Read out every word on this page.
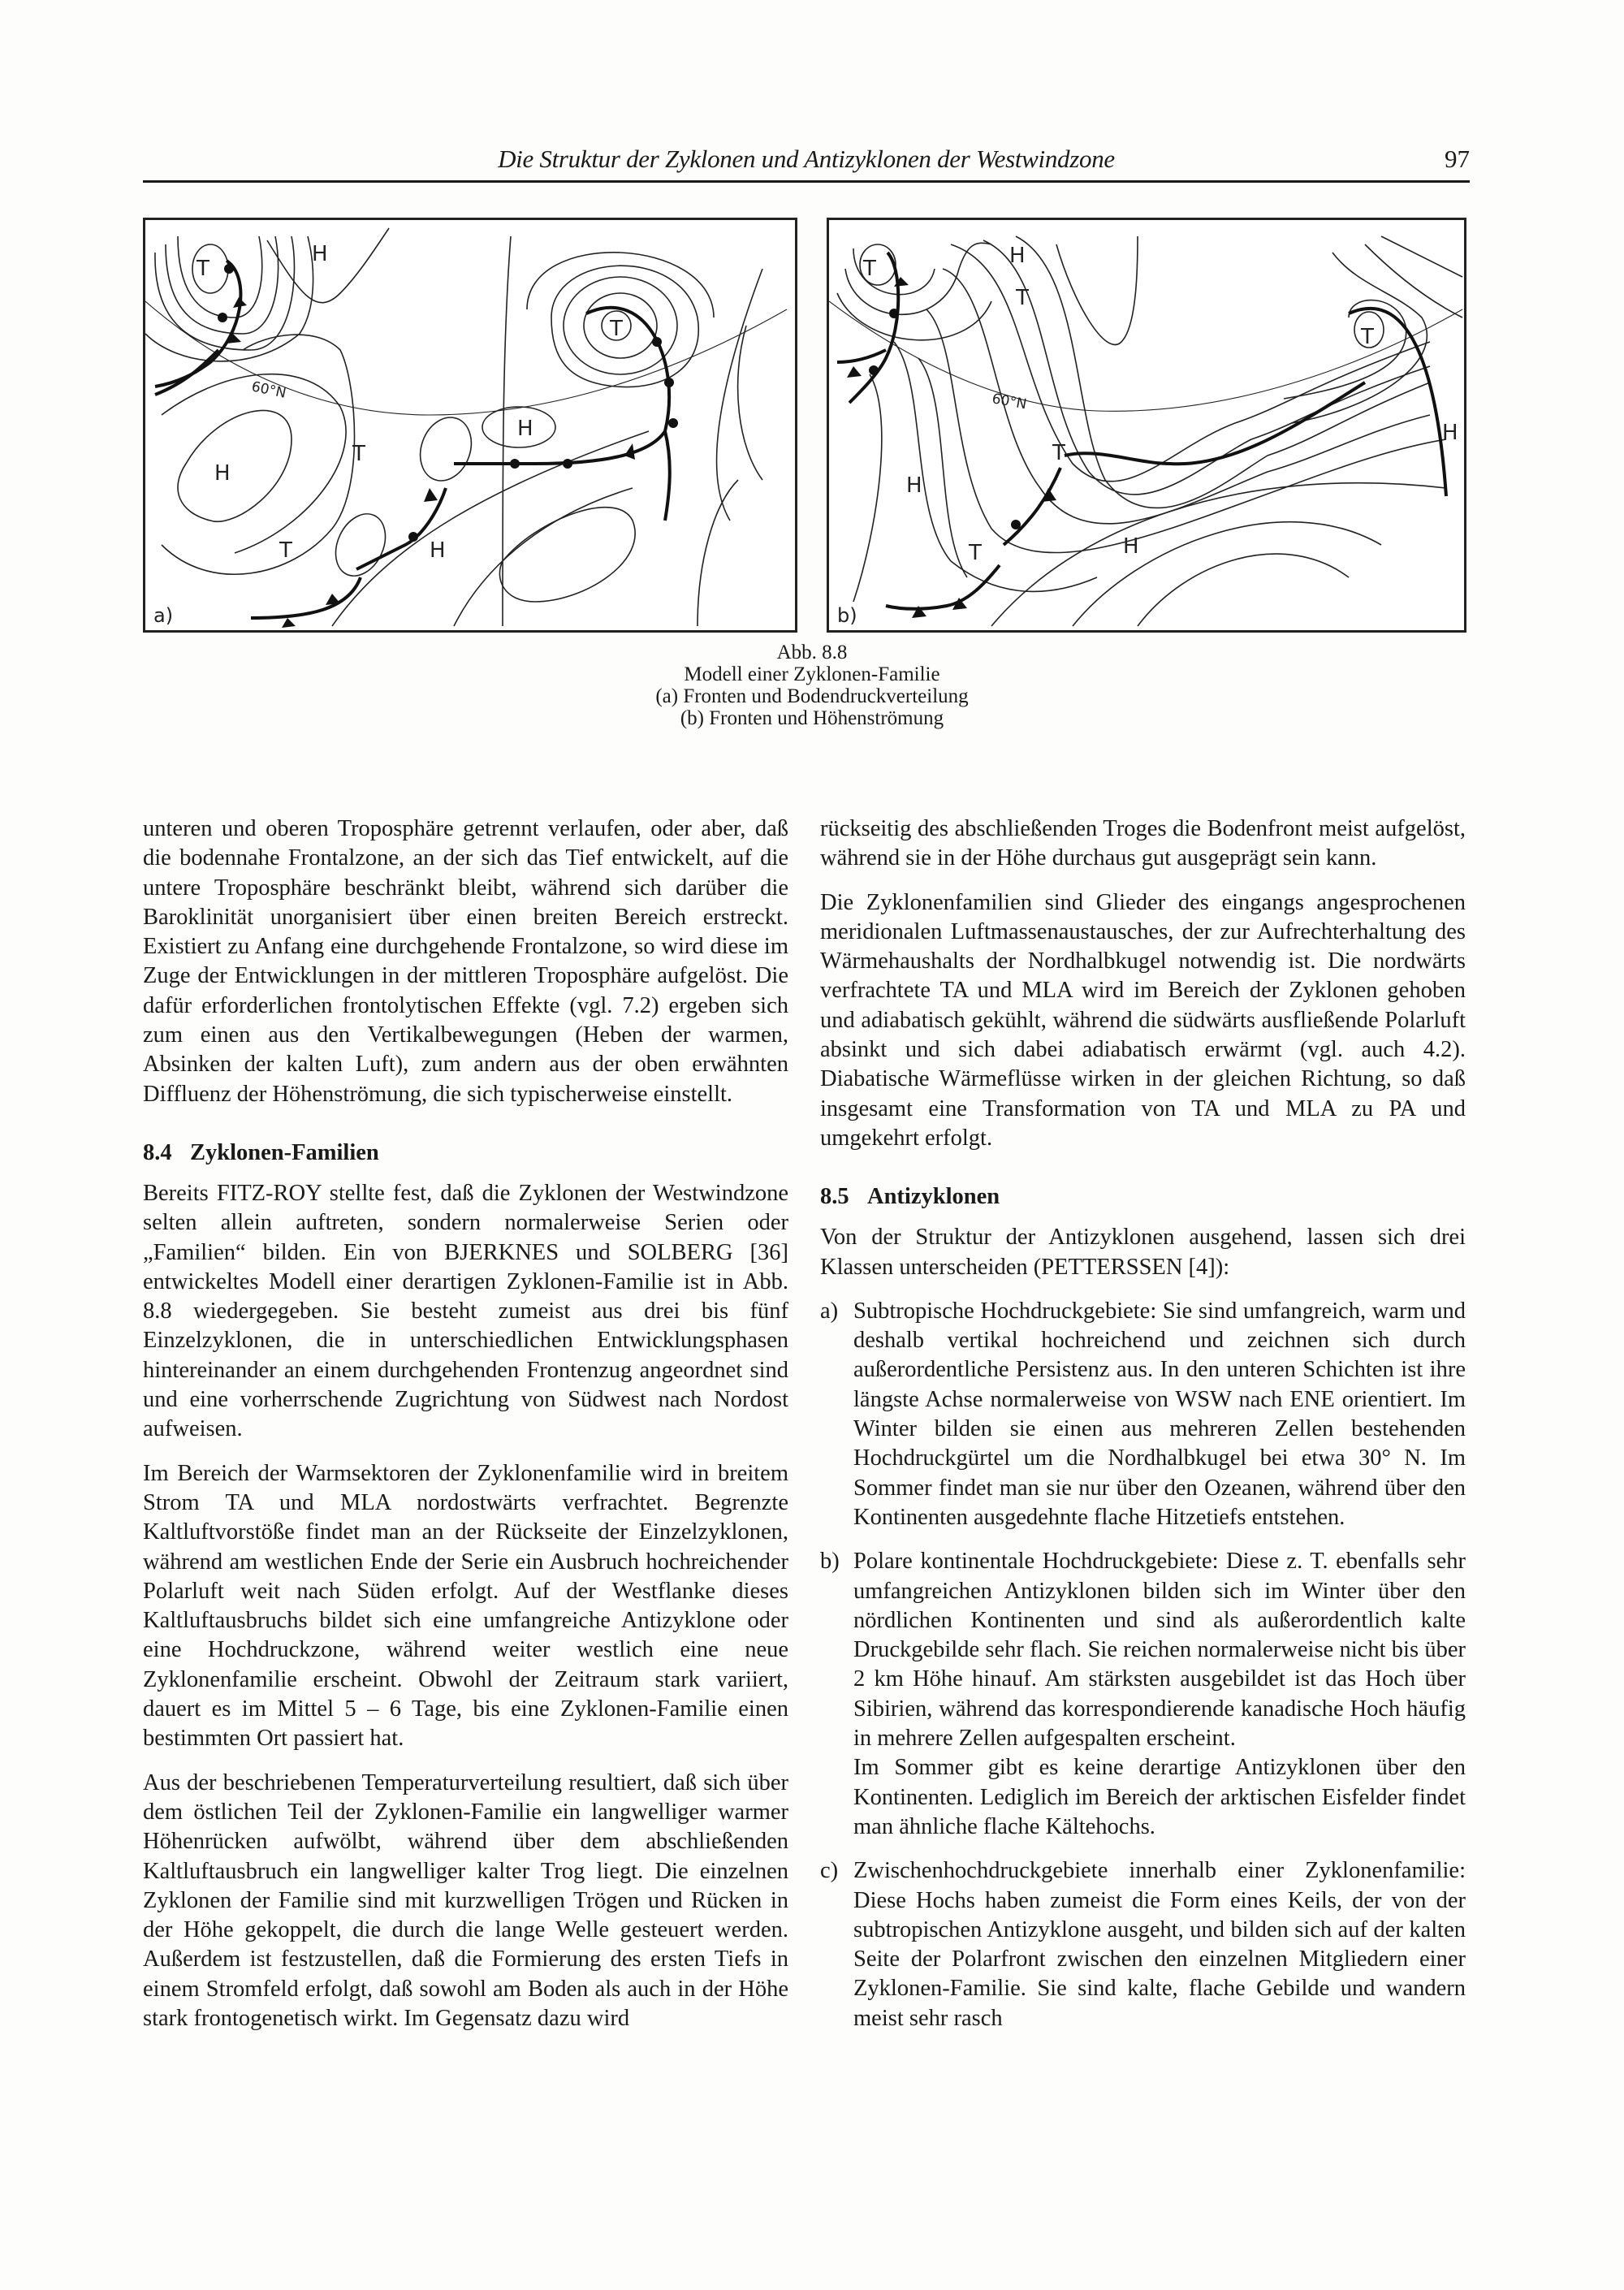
Die Struktur der Zyklonen und Antizyklonen der Westwindzone	97
H
H
H
H
T
T
T
T
60°N
a)
H
T
H
H
H
T
T
T
T
60°N
b)
Abb. 8.8
Modell einer Zyklonen-Familie
(a) Fronten und Bodendruckverteilung
(b) Fronten und Höhenströmung

unteren und oberen Troposphäre getrennt verlaufen, oder aber, daß die bodennahe Frontalzone, an der sich das Tief entwickelt, auf die untere Troposphäre beschränkt bleibt, während sich darüber die Baroklinität unorganisiert über einen breiten Bereich erstreckt. Existiert zu Anfang eine durchgehende Frontalzone, so wird diese im Zuge der Entwicklungen in der mittleren Troposphäre aufgelöst. Die dafür erforderlichen frontolytischen Effekte (vgl. 7.2) ergeben sich zum einen aus den Vertikalbewegungen (Heben der warmen, Absinken der kalten Luft), zum andern aus der oben erwähnten Diffluenz der Höhenströmung, die sich typischerweise einstellt.

8.4 Zyklonen-Familien

Bereits FITZ-ROY stellte fest, daß die Zyklonen der Westwindzone selten allein auftreten, sondern normalerweise Serien oder „Familien“ bilden. Ein von BJERKNES und SOLBERG [36] entwickeltes Modell einer derartigen Zyklonen-Familie ist in Abb. 8.8 wiedergegeben. Sie besteht zumeist aus drei bis fünf Einzelzyklonen, die in unterschiedlichen Entwicklungsphasen hintereinander an einem durchgehenden Frontenzug angeordnet sind und eine vorherrschende Zugrichtung von Südwest nach Nordost aufweisen.

Im Bereich der Warmsektoren der Zyklonenfamilie wird in breitem Strom TA und MLA nordostwärts verfrachtet. Begrenzte Kaltluftvorstöße findet man an der Rückseite der Einzelzyklonen, während am westlichen Ende der Serie ein Ausbruch hochreichender Polarluft weit nach Süden erfolgt. Auf der Westflanke dieses Kaltluftausbruchs bildet sich eine umfangreiche Antizyklone oder eine Hochdruckzone, während weiter westlich eine neue Zyklonenfamilie erscheint. Obwohl der Zeitraum stark variiert, dauert es im Mittel 5 – 6 Tage, bis eine Zyklonen-Familie einen bestimmten Ort passiert hat.

Aus der beschriebenen Temperaturverteilung resultiert, daß sich über dem östlichen Teil der Zyklonen-Familie ein langwelliger warmer Höhenrücken aufwölbt, während über dem abschließenden Kaltluftausbruch ein langwelliger kalter Trog liegt. Die einzelnen Zyklonen der Familie sind mit kurzwelligen Trögen und Rücken in der Höhe gekoppelt, die durch die lange Welle gesteuert werden. Außerdem ist festzustellen, daß die Formierung des ersten Tiefs in einem Stromfeld erfolgt, daß sowohl am Boden als auch in der Höhe stark frontogenetisch wirkt. Im Gegensatz dazu wird

rückseitig des abschließenden Troges die Bodenfront meist aufgelöst, während sie in der Höhe durchaus gut ausgeprägt sein kann.

Die Zyklonenfamilien sind Glieder des eingangs angesprochenen meridionalen Luftmassenaustausches, der zur Aufrechterhaltung des Wärmehaushalts der Nordhalbkugel notwendig ist. Die nordwärts verfrachtete TA und MLA wird im Bereich der Zyklonen gehoben und adiabatisch gekühlt, während die südwärts ausfließende Polarluft absinkt und sich dabei adiabatisch erwärmt (vgl. auch 4.2). Diabatische Wärmeflüsse wirken in der gleichen Richtung, so daß insgesamt eine Transformation von TA und MLA zu PA und umgekehrt erfolgt.

8.5 Antizyklonen

Von der Struktur der Antizyklonen ausgehend, lassen sich drei Klassen unterscheiden (PETTERSSEN [4]):

a) Subtropische Hochdruckgebiete: Sie sind umfangreich, warm und deshalb vertikal hochreichend und zeichnen sich durch außerordentliche Persistenz aus. In den unteren Schichten ist ihre längste Achse normalerweise von WSW nach ENE orientiert. Im Winter bilden sie einen aus mehreren Zellen bestehenden Hochdruckgürtel um die Nordhalbkugel bei etwa 30° N. Im Sommer findet man sie nur über den Ozeanen, während über den Kontinenten ausgedehnte flache Hitzetiefs entstehen.

b) Polare kontinentale Hochdruckgebiete: Diese z. T. ebenfalls sehr umfangreichen Antizyklonen bilden sich im Winter über den nördlichen Kontinenten und sind als außerordentlich kalte Druckgebilde sehr flach. Sie reichen normalerweise nicht bis über 2 km Höhe hinauf. Am stärksten ausgebildet ist das Hoch über Sibirien, während das korrespondierende kanadische Hoch häufig in mehrere Zellen aufgespalten erscheint.

Im Sommer gibt es keine derartige Antizyklonen über den Kontinenten. Lediglich im Bereich der arktischen Eisfelder findet man ähnliche flache Kältehochs.

c) Zwischenhochdruckgebiete innerhalb einer Zyklonenfamilie: Diese Hochs haben zumeist die Form eines Keils, der von der subtropischen Antizyklone ausgeht, und bilden sich auf der kalten Seite der Polarfront zwischen den einzelnen Mitgliedern einer Zyklonen-Familie. Sie sind kalte, flache Gebilde und wandern meist sehr rasch
